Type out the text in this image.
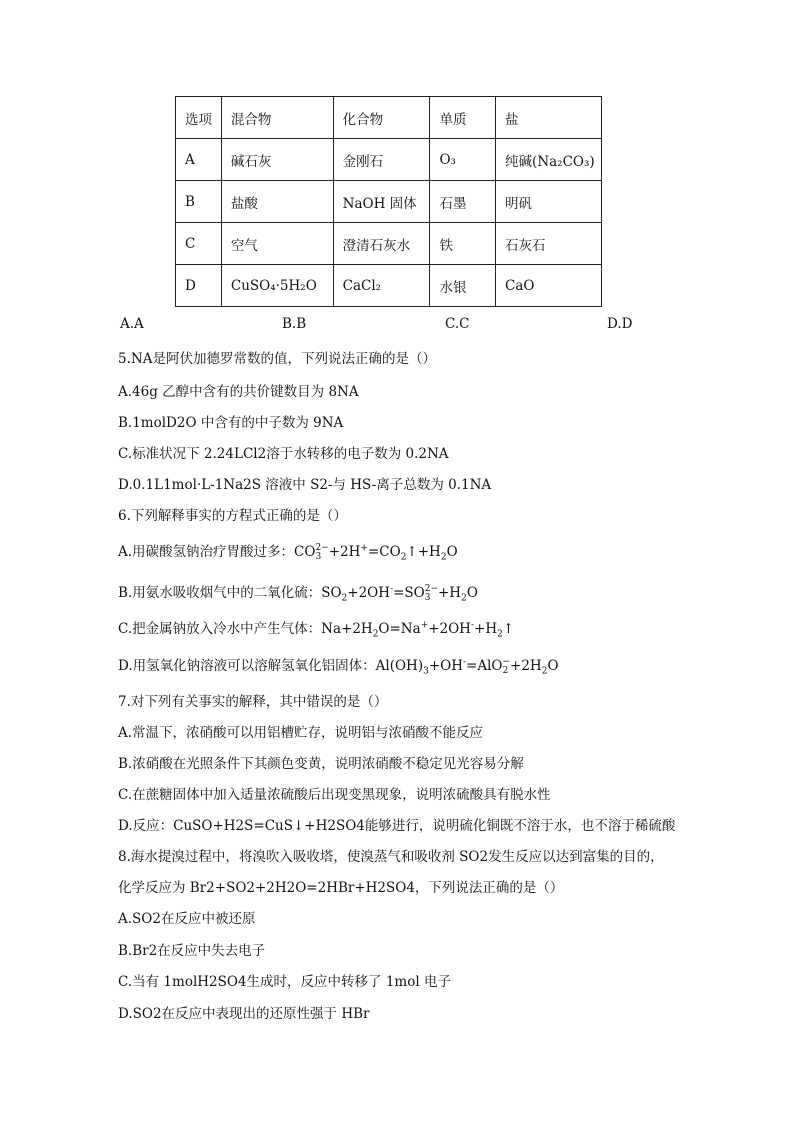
选项	混合物	化合物	单质	盐
A	碱石灰	金刚石	O₃	纯碱(Na₂CO₃)
B	盐酸	NaOH 固体	石墨	明矾
C	空气	澄清石灰水	铁	石灰石
D	CuSO₄·5H₂O	CaCl₂	水银	CaO
A.A	B.B	C.C	D.D
5.NA是阿伏加德罗常数的值，下列说法正确的是（）
A.46g 乙醇中含有的共价键数目为 8NA
B.1molD2O 中含有的中子数为 9NA
C.标准状况下 2.24LCl2溶于水转移的电子数为 0.2NA
D.0.1L1mol·L-1Na2S 溶液中 S2-与 HS-离子总数为 0.1NA
6.下列解释事实的方程式正确的是（）
A.用碳酸氢钠治疗胃酸过多：CO 2−
$3 +2H^+=CO_2↑+H_2O$
B.用氨水吸收烟气中的二氧化硫：$SO_2+2OH^-=SO$ 2−
$3 +H_2O$
C.把金属钠放入冷水中产生气体：$Na+2H_2O=Na^++2OH^-+H_2↑$
D.用氢氧化钠溶液可以溶解氢氧化铝固体：$Al(OH)_3+OH^-=AlO$ −
$2 +2H_2O$
7.对下列有关事实的解释，其中错误的是（）
A.常温下，浓硝酸可以用铝槽贮存，说明铝与浓硝酸不能反应
B.浓硝酸在光照条件下其颜色变黄，说明浓硝酸不稳定见光容易分解
C.在蔗糖固体中加入适量浓硫酸后出现变黑现象，说明浓硫酸具有脱水性
D.反应：CuSO+H2S=CuS↓+H2SO4能够进行，说明硫化铜既不溶于水，也不溶于稀硫酸
8.海水提溴过程中，将溴吹入吸收塔，使溴蒸气和吸收剂 SO2发生反应以达到富集的目的，
化学反应为 Br2+SO2+2H2O=2HBr+H2SO4，下列说法正确的是（）
A.SO2在反应中被还原
B.Br2在反应中失去电子
C.当有 1molH2SO4生成时，反应中转移了 1mol 电子
D.SO2在反应中表现出的还原性强于 HBr
